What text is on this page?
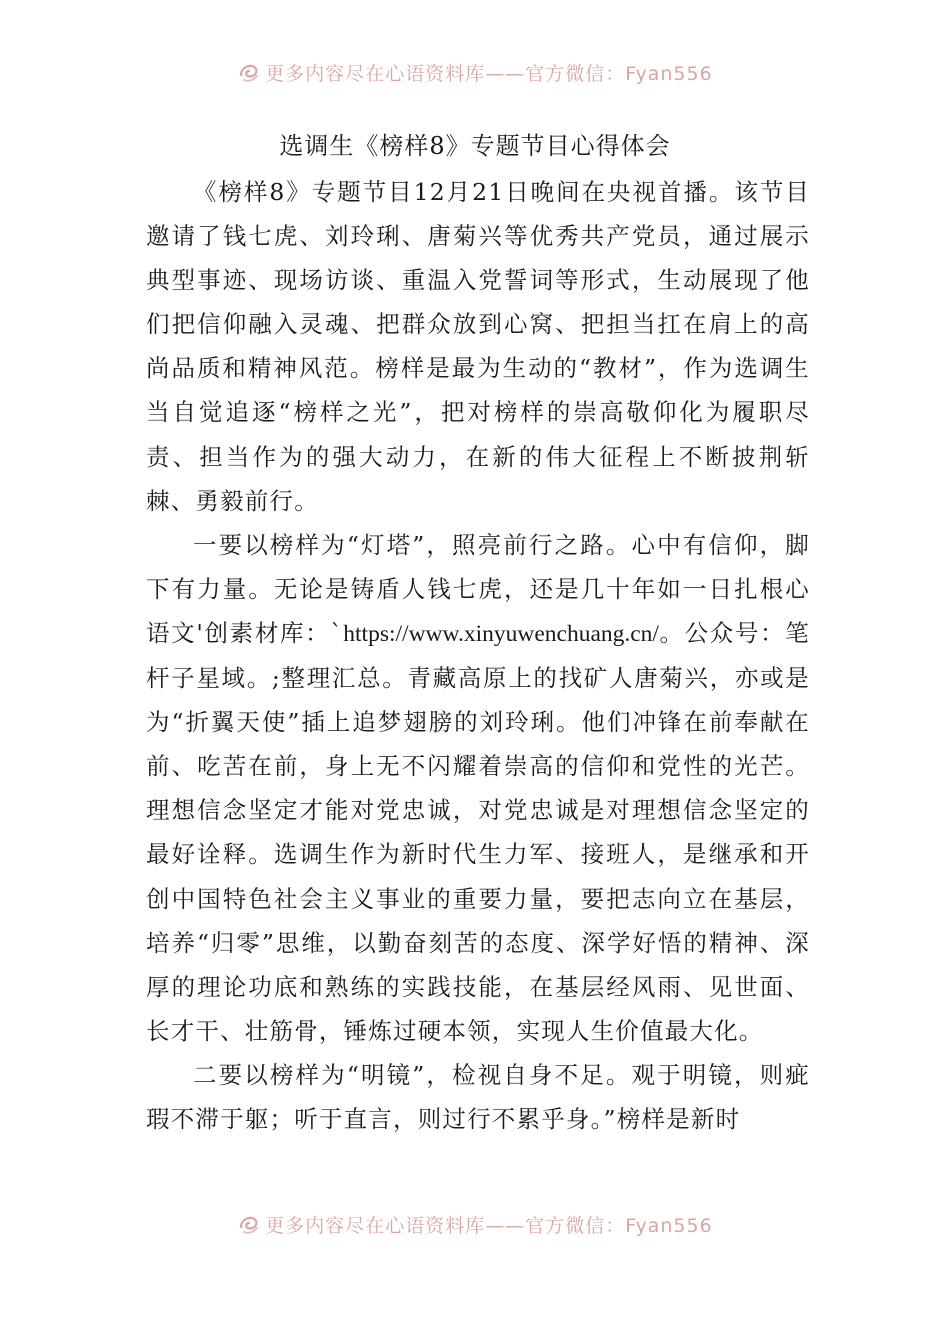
更多内容尽在心语资料库——官方微信：Fyan556
选调生《榜样8》专题节目心得体会

《榜样8》专题节目12月21日晚间在央视首播。该节目邀请了钱七虎、刘玲琍、唐菊兴等优秀共产党员，通过展示典型事迹、现场访谈、重温入党誓词等形式，生动展现了他们把信仰融入灵魂、把群众放到心窝、把担当扛在肩上的高尚品质和精神风范。榜样是最为生动的“教材”，作为选调生当自觉追逐“榜样之光”，把对榜样的崇高敬仰化为履职尽责、担当作为的强大动力，在新的伟大征程上不断披荆斩棘、勇毅前行。

一要以榜样为“灯塔”，照亮前行之路。心中有信仰，脚下有力量。无论是铸盾人钱七虎，还是几十年如一日扎根心语文'创素材库：`https://www.xinyuwenchuang.cn/。公众号：笔杆子星域。;整理汇总。青藏高原上的找矿人唐菊兴，亦或是为“折翼天使”插上追梦翅膀的刘玲琍。他们冲锋在前奉献在前、吃苦在前，身上无不闪耀着崇高的信仰和党性的光芒。理想信念坚定才能对党忠诚，对党忠诚是对理想信念坚定的最好诠释。选调生作为新时代生力军、接班人，是继承和开创中国特色社会主义事业的重要力量，要把志向立在基层，培养“归零”思维，以勤奋刻苦的态度、深学好悟的精神、深厚的理论功底和熟练的实践技能，在基层经风雨、见世面、长才干、壮筋骨，锤炼过硬本领，实现人生价值最大化。

二要以榜样为“明镜”，检视自身不足。观于明镜，则疵瑕不滞于躯；听于直言，则过行不累乎身。”榜样是新时

更多内容尽在心语资料库——官方微信：Fyan556
